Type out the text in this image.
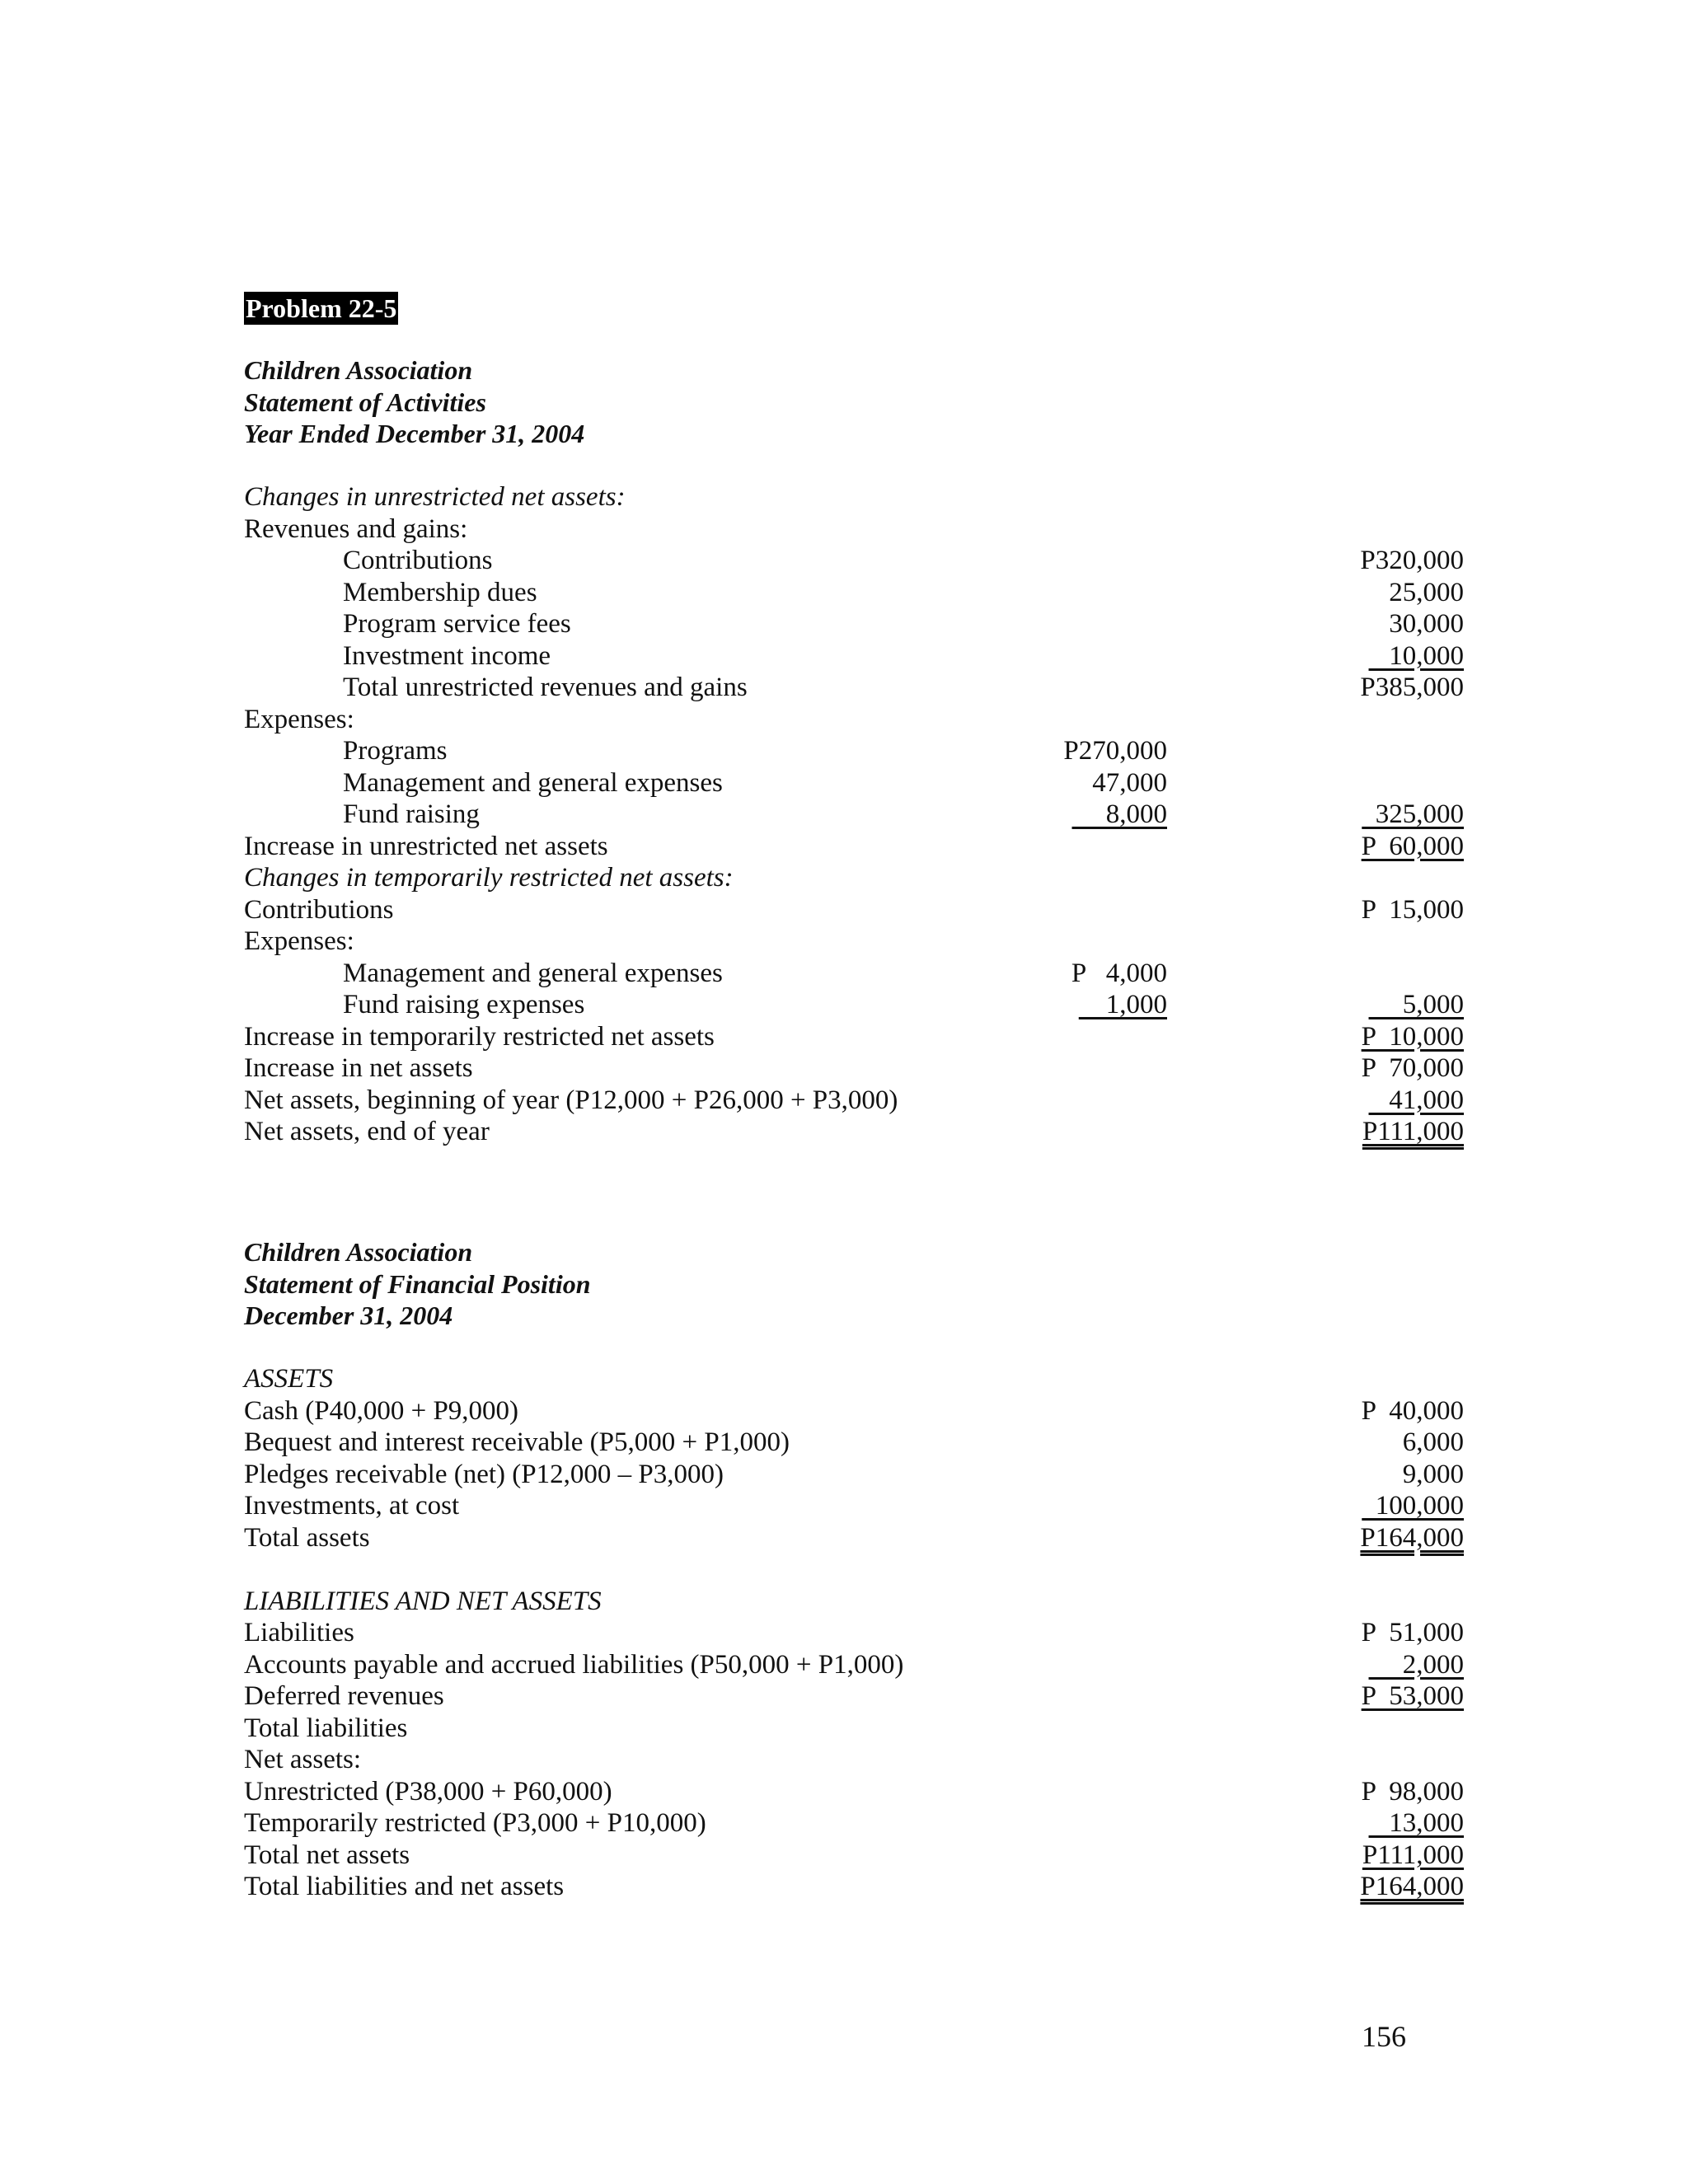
Problem 22-5
Children Association
Statement of Activities
Year Ended December 31, 2004
Changes in unrestricted net assets:
Revenues and gains:
Contributions	P320,000
Membership dues	25,000
Program service fees	30,000
Investment income	10,000
Total unrestricted revenues and gains	P385,000
Expenses:
Programs	P270,000
Management and general expenses	47,000
Fund raising	8,000	325,000
Increase in unrestricted net assets	P  60,000
Changes in temporarily restricted net assets:
Contributions	P  15,000
Expenses:
Management and general expenses	P   4,000
Fund raising expenses	1,000	5,000
Increase in temporarily restricted net assets	P  10,000
Increase in net assets	P  70,000
Net assets, beginning of year (P12,000 + P26,000 + P3,000)	41,000
Net assets, end of year	P111,000
Children Association
Statement of Financial Position
December 31, 2004
ASSETS
Cash (P40,000 + P9,000)	P  40,000
Bequest and interest receivable (P5,000 + P1,000)	6,000
Pledges receivable (net) (P12,000 – P3,000)	9,000
Investments, at cost	100,000
Total assets	P164,000
LIABILITIES AND NET ASSETS
Liabilities	P  51,000
Accounts payable and accrued liabilities (P50,000 + P1,000)	2,000
Deferred revenues	P  53,000
Total liabilities
Net assets:
Unrestricted (P38,000 + P60,000)	P  98,000
Temporarily restricted (P3,000 + P10,000)	13,000
Total net assets	P111,000
Total liabilities and net assets	P164,000
156
